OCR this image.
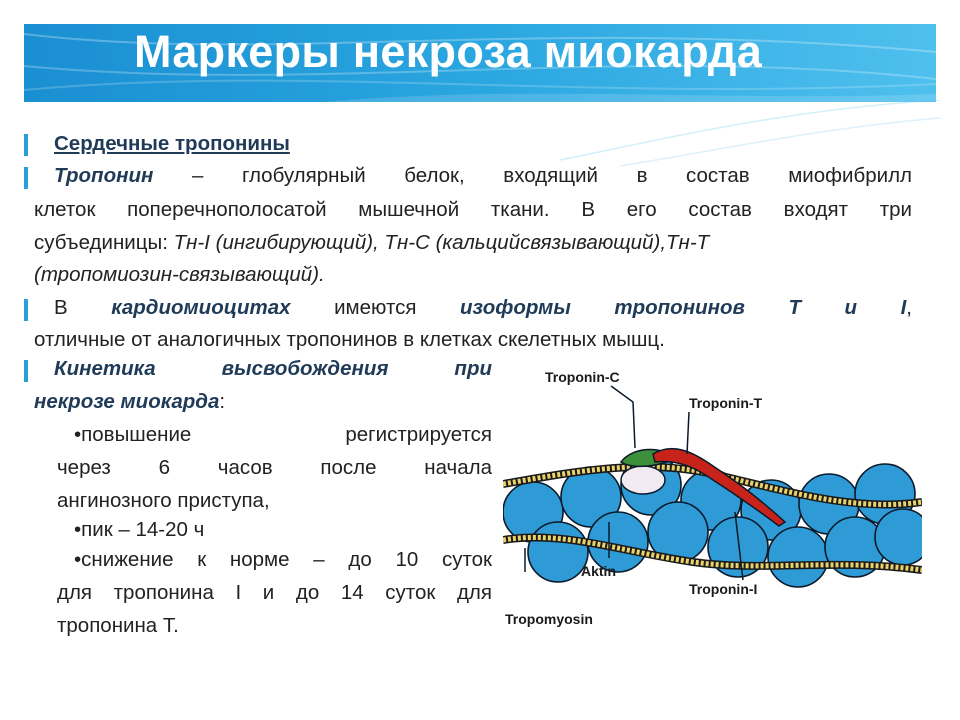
Маркеры некроза миокарда
Сердечные тропонины
Тропонин – глобулярный белок, входящий в состав миофибрилл
клеток поперечнополосатой мышечной ткани. В его состав входят три
субъединицы: Тн-I (ингибирующий), Тн-C (кальцийсвязывающий),Тн-T
(тропомиозин-связывающий).
В кардиомиоцитах имеются изоформы тропонинов Т и I,
отличные от аналогичных тропонинов в клетках скелетных мышц.
Кинетика высвобождения при
некрозе миокарда:
•повышение регистрируется
через 6 часов после начала
ангинозного приступа,
•пик – 14-20 ч
•снижение к норме – до 10 суток
для тропонина I и до 14 суток для
тропонина Т.
Troponin-C
Troponin-T
Aktin
Troponin-I
Tropomyosin
